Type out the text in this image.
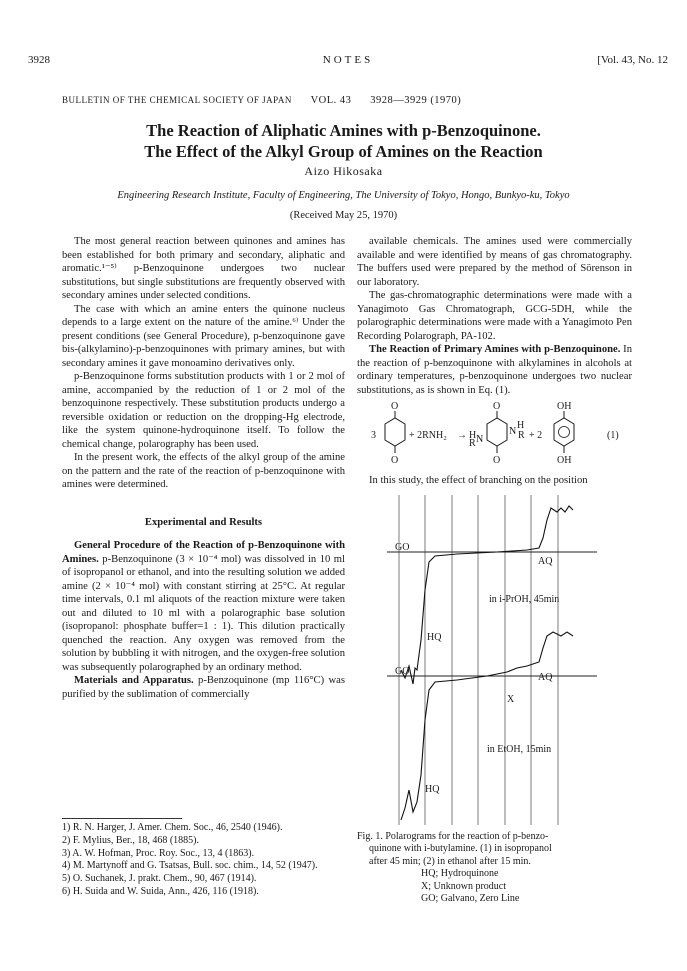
3928	NOTES	[Vol. 43, No. 12
BULLETIN OF THE CHEMICAL SOCIETY OF JAPAN VOL. 43 3928—3929 (1970)
The Reaction of Aliphatic Amines with p-Benzoquinone.
The Effect of the Alkyl Group of Amines on the Reaction
Aizo Hikosaka
Engineering Research Institute, Faculty of Engineering, The University of Tokyo, Hongo, Bunkyo-ku, Tokyo
(Received May 25, 1970)

The most general reaction between quinones and amines has been established for both primary and secondary, aliphatic and aromatic.¹⁻⁵⁾ p-Benzoquinone undergoes two nuclear substitutions, but single substitutions are frequently observed with secondary amines under selected conditions.

The case with which an amine enters the quinone nucleus depends to a large extent on the nature of the amine.⁶⁾ Under the present conditions (see General Procedure), p-benzoquinone gave bis-(alkylamino)-p-benzoquinones with primary amines, but with secondary amines it gave monoamino derivatives only.

p-Benzoquinone forms substitution products with 1 or 2 mol of amine, accompanied by the reduction of 1 or 2 mol of the benzoquinone respectively. These substitution products undergo a reversible oxidation or reduction on the dropping-Hg electrode, like the system quinone-hydroquinone itself. To follow the chemical change, polarography has been used.

In the present work, the effects of the alkyl group of the amine on the pattern and the rate of the reaction of p-benzoquinone with amines were determined.

Experimental and Results

General Procedure of the Reaction of p-Benzoquinone with Amines. p-Benzoquinone (3 × 10⁻⁴ mol) was dissolved in 10 ml of isopropanol or ethanol, and into the resulting solution we added amine (2 × 10⁻⁴ mol) with constant stirring at 25°C. At regular time intervals, 0.1 ml aliquots of the reaction mixture were taken out and diluted to 10 ml with a polarographic base solution (isopropanol: phosphate buffer=1 : 1). This dilution practically quenched the reaction. Any oxygen was removed from the solution by bubbling it with nitrogen, and the oxygen-free solution was subsequently polarographed by an ordinary method.

Materials and Apparatus. p-Benzoquinone (mp 116°C) was purified by the sublimation of commercially

1) R. N. Harger, J. Amer. Chem. Soc., 46, 2540 (1946).
2) F. Mylius, Ber., 18, 468 (1885).
3) A. W. Hofman, Proc. Roy. Soc., 13, 4 (1863).
4) M. Martynoff and G. Tsatsas, Bull. soc. chim., 14, 52 (1947).
5) O. Suchanek, J. prakt. Chem., 90, 467 (1914).
6) H. Suida and W. Suida, Ann., 426, 116 (1918).

available chemicals. The amines used were commercially available and were identified by means of gas chromatography. The buffers used were prepared by the method of Sörenson in our laboratory.

The gas-chromatographic determinations were made with a Yanagimoto Gas Chromatograph, GCG-5DH, while the polarographic determinations were made with a Yanagimoto Pen Recording Polarograph, PA-102.

The Reaction of Primary Amines with p-Benzoquinone. In the reaction of p-benzoquinone with alkylamines in alcohols at ordinary temperatures, p-benzoquinone undergoes two nuclear substitutions, as is shown in Eq. (1).

3
O
O
+ 2RNH₂ → H
R N
O
O
N
H
R + 2
OH
OH
(1)

In this study, the effect of branching on the position

GO
GO
AQ
AQ
HQ
HQ
X
in i-PrOH, 45min
in EtOH, 15min
Fig. 1. Polarograms for the reaction of p-benzo-
quinone with i-butylamine. (1) in isopropanol
after 45 min; (2) in ethanol after 15 min.
HQ; Hydroquinone
X; Unknown product
GO; Galvano, Zero Line
